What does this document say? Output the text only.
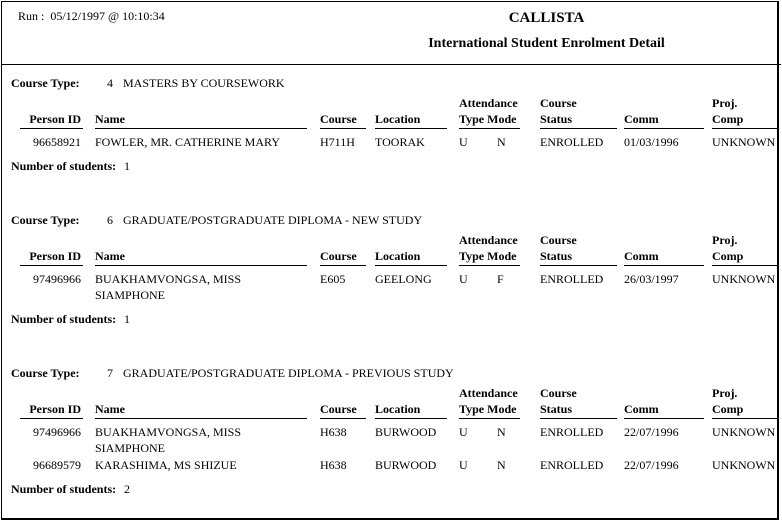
Run : 05/12/1997 @ 10:10:34	CALLISTA
International Student Enrolment Detail
Course Type: 4 MASTERS BY COURSEWORK
Attendance Course	Proj.
Person ID Name	Course Location	Type Mode Status	Comm	Comp
96658921 FOWLER, MR. CATHERINE MARY	H711H TOORAK	U N	ENROLLED 01/03/1996	UNKNOWN
Number of students: 1
Course Type: 6 GRADUATE/POSTGRADUATE DIPLOMA - NEW STUDY
Attendance Course	Proj.
Person ID Name	Course Location	Type Mode Status	Comm	Comp
97496966 BUAKHAMVONGSA, MISS
SIAMPHONE
E605 GEELONG U F	ENROLLED 26/03/1997	UNKNOWN
Number of students: 1
Course Type: 7 GRADUATE/POSTGRADUATE DIPLOMA - PREVIOUS STUDY
Attendance Course	Proj.
Person ID Name	Course Location	Type Mode Status	Comm	Comp
97496966 BUAKHAMVONGSA, MISS
SIAMPHONE
H638 BURWOOD U N	ENROLLED 22/07/1996	UNKNOWN
96689579 KARASHIMA, MS SHIZUE	H638 BURWOOD U N	ENROLLED 22/07/1996	UNKNOWN
Number of students: 2
